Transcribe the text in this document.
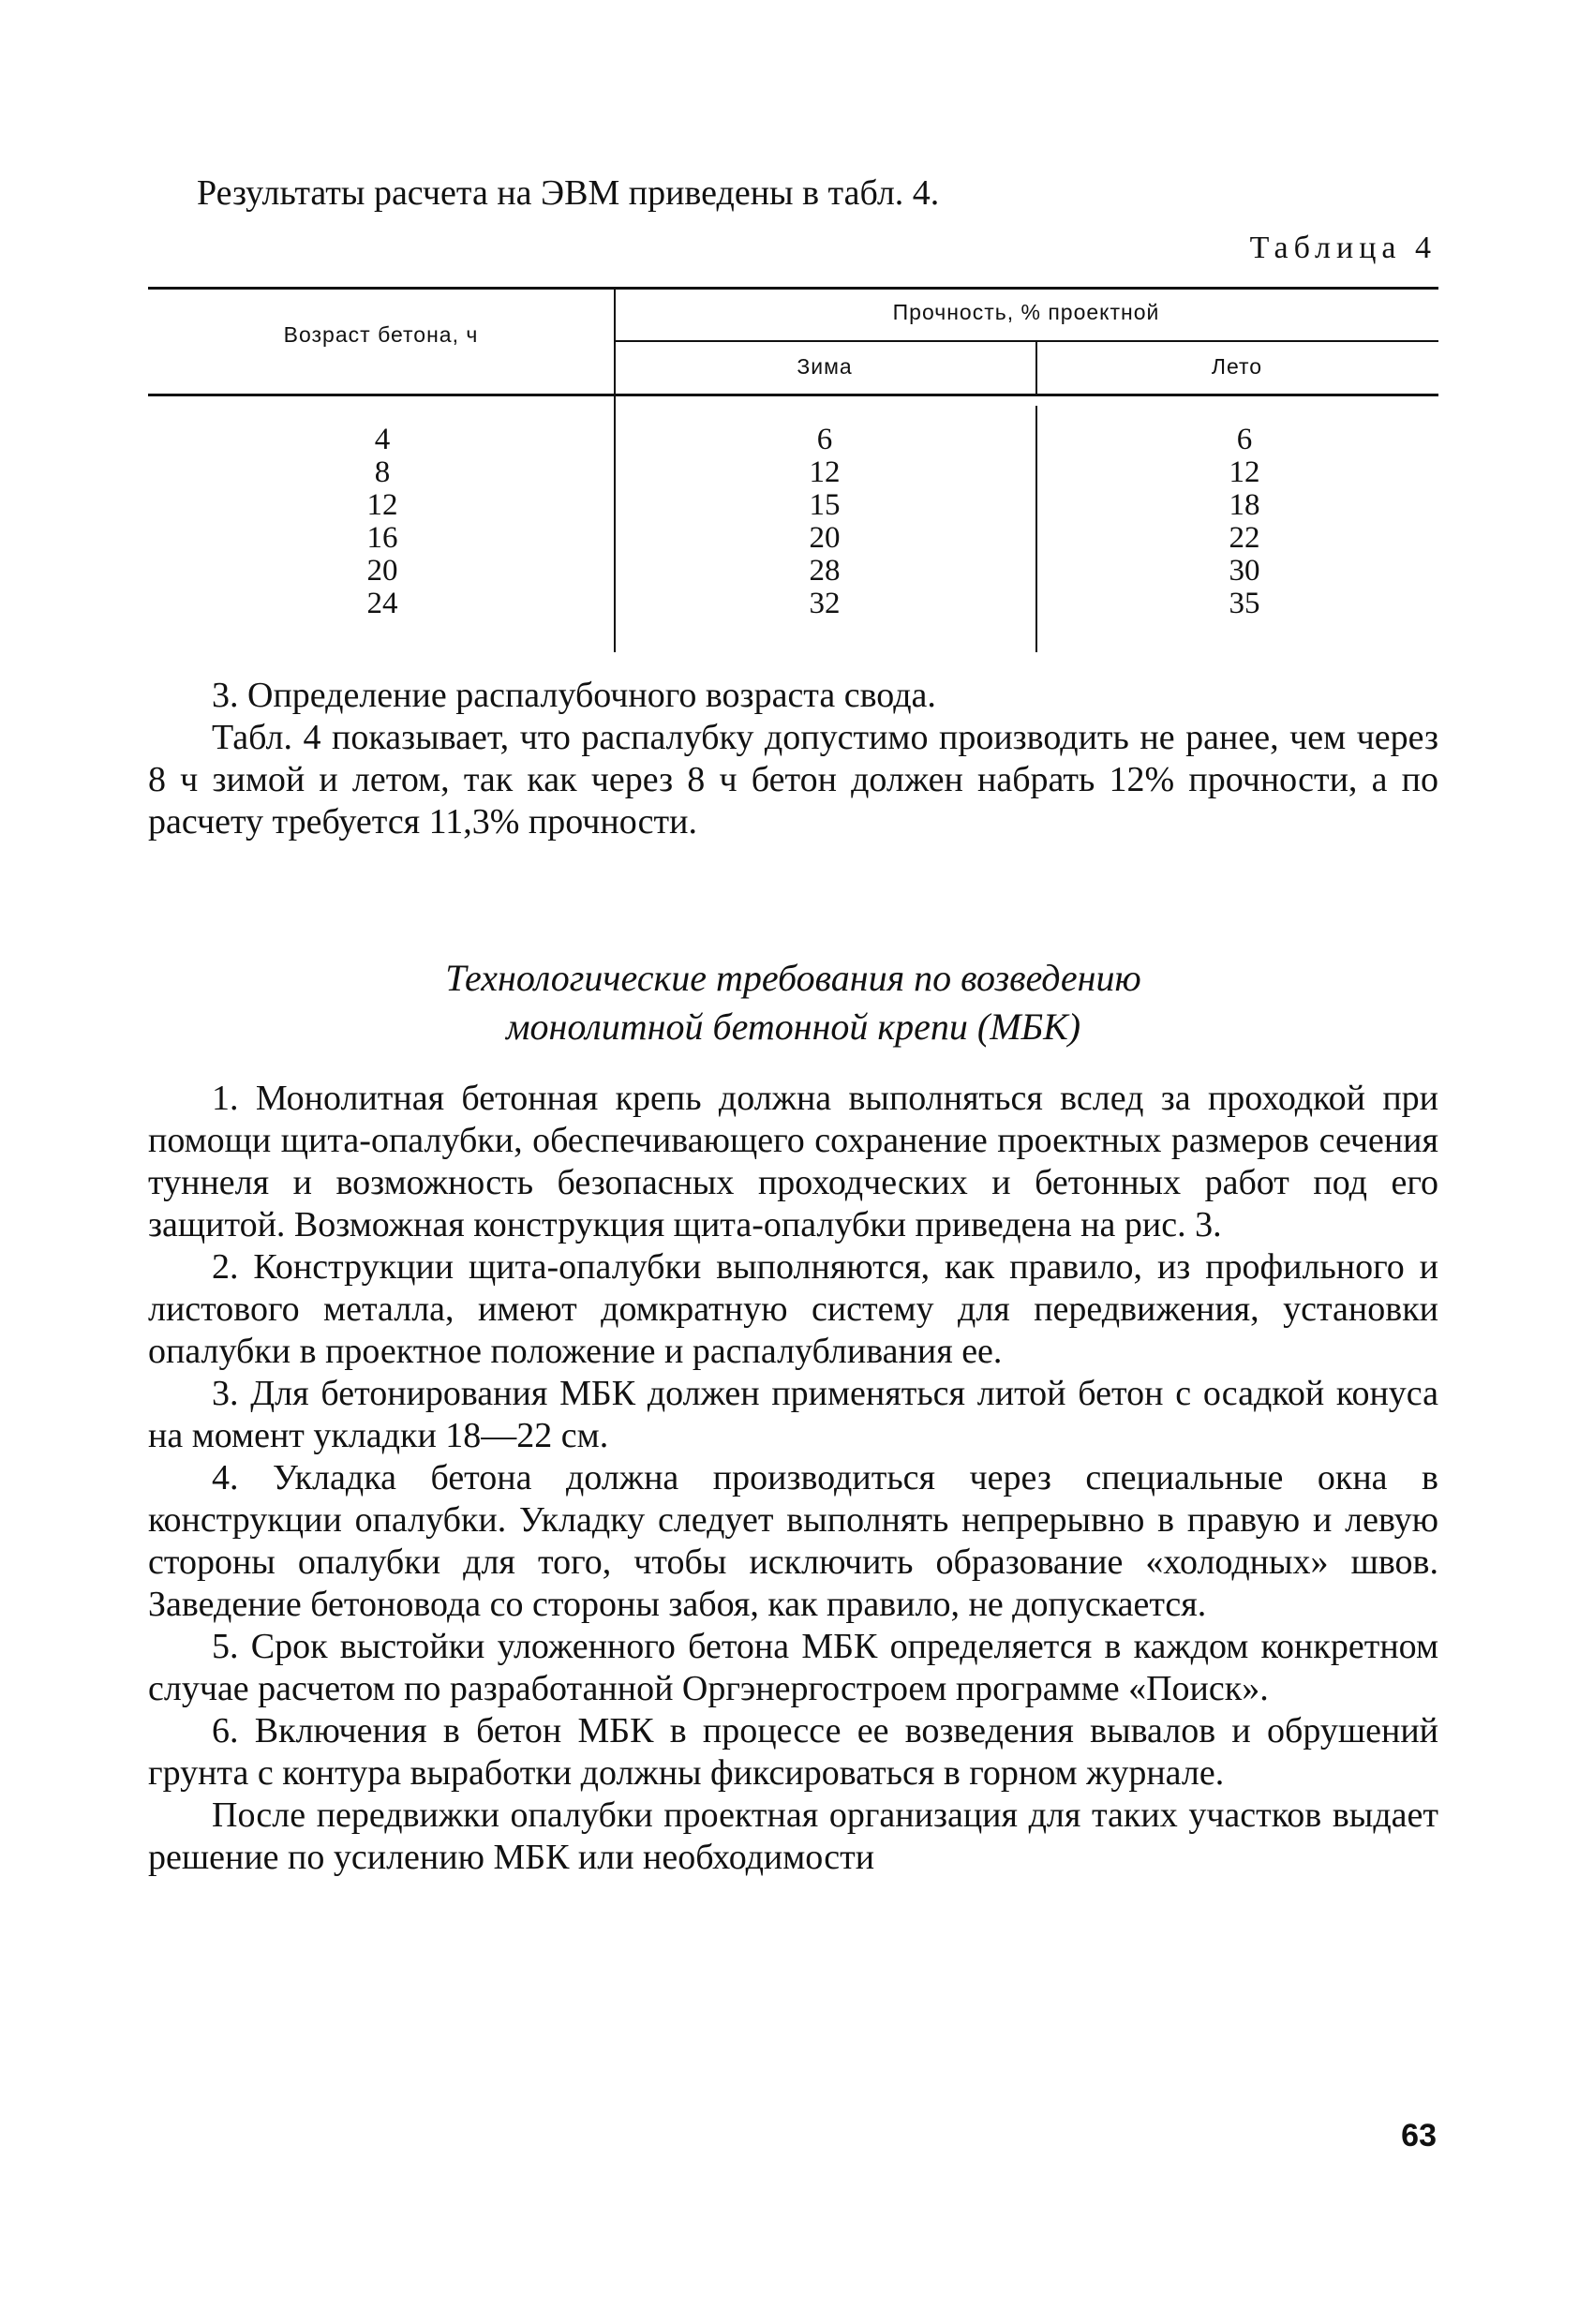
Результаты расчета на ЭВМ приведены в табл. 4.
Таблица 4
Возраст бетона, ч
Прочность, % проектной
Зима	Лето
4
8
12
16
20
24
6
12
15
20
28
32
6
12
18
22
30
35

3. Определение распалубочного возраста свода.

Табл. 4 показывает, что распалубку допустимо производить не ранее, чем через 8 ч зимой и летом, так как через 8 ч бетон должен набрать 12% прочности, а по расчету требуется 11,3% прочности.

Технологические требования по возведению
монолитной бетонной крепи (МБК)

1. Монолитная бетонная крепь должна выполняться вслед за проходкой при помощи щита-опалубки, обеспечивающего сохранение проектных размеров сечения туннеля и возможность безопасных проходческих и бетонных работ под его защитой. Возможная конструкция щита-опалубки приведена на рис. 3.

2. Конструкции щита-опалубки выполняются, как правило, из профильного и листового металла, имеют домкратную систему для передвижения, установки опалубки в проектное положение и распалубливания ее.

3. Для бетонирования МБК должен применяться литой бетон с осадкой конуса на момент укладки 18—22 см.

4. Укладка бетона должна производиться через специальные окна в конструкции опалубки. Укладку следует выполнять непрерывно в правую и левую стороны опалубки для того, чтобы исключить образование «холодных» швов. Заведение бетоновода со стороны забоя, как правило, не допускается.

5. Срок выстойки уложенного бетона МБК определяется в каждом конкретном случае расчетом по разработанной Оргэнергостроем программе «Поиск».

6. Включения в бетон МБК в процессе ее возведения вывалов и обрушений грунта с контура выработки должны фиксироваться в горном журнале.

После передвижки опалубки проектная организация для таких участков выдает решение по усилению МБК или необходимости

63
